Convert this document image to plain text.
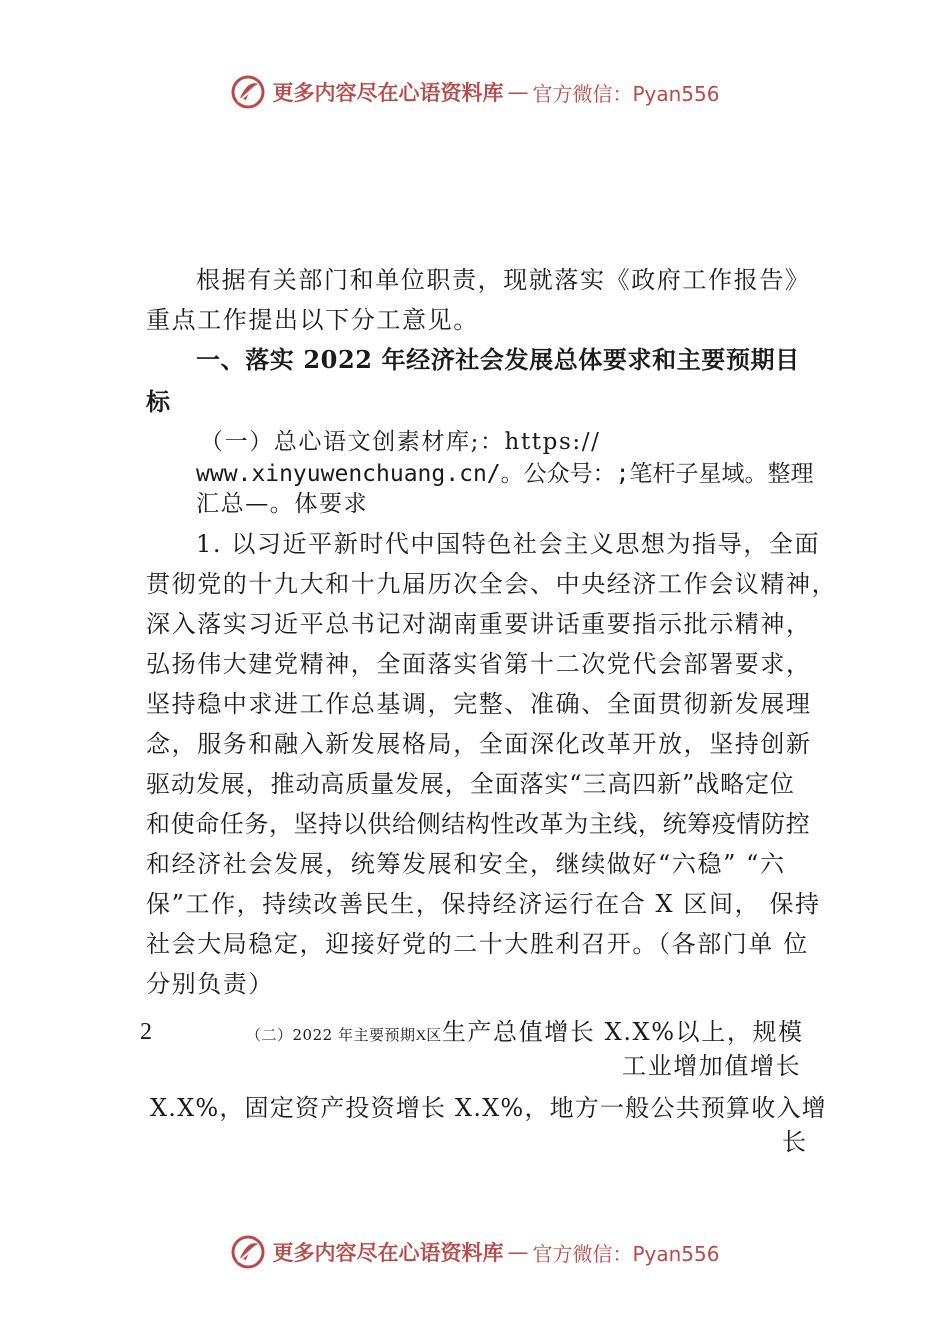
更多内容尽在心语资料库 — 官方微信：Pyan556
根据有关部门和单位职责，现就落实《政府工作报告》
重点工作提出以下分工意见。
一、落实 2022 年经济社会发展总体要求和主要预期目
标
（一）总心语文创素材库;：https://
www.xinyuwenchuang.cn/。公众号：;笔杆子星域。整理
汇总—。体要求
1. 以习近平新时代中国特色社会主义思想为指导，全面
贯彻党的十九大和十九届历次全会、中央经济工作会议精神，
深入落实习近平总书记对湖南重要讲话重要指示批示精神，
弘扬伟大建党精神，全面落实省第十二次党代会部署要求，
坚持稳中求进工作总基调，完整、准确、全面贯彻新发展理
念，服务和融入新发展格局，全面深化改革开放，坚持创新
驱动发展，推动高质量发展，全面落实“三高四新”战略定位
和使命任务，坚持以供给侧结构性改革为主线，统筹疫情防控
和经济社会发展，统筹发展和安全，继续做好“六稳” “六
保”工作，持续改善民生，保持经济运行在合 X 区间， 保持
社会大局稳定，迎接好党的二十大胜利召开。（各部门单 位
分别负责）
2	（二）2022 年主要预期X区生产总值增长 X.X%以上，规模
工业增加值增长
X.X%，固定资产投资增长 X.X%，地方一般公共预算收入增
长
更多内容尽在心语资料库 — 官方微信：Pyan556
